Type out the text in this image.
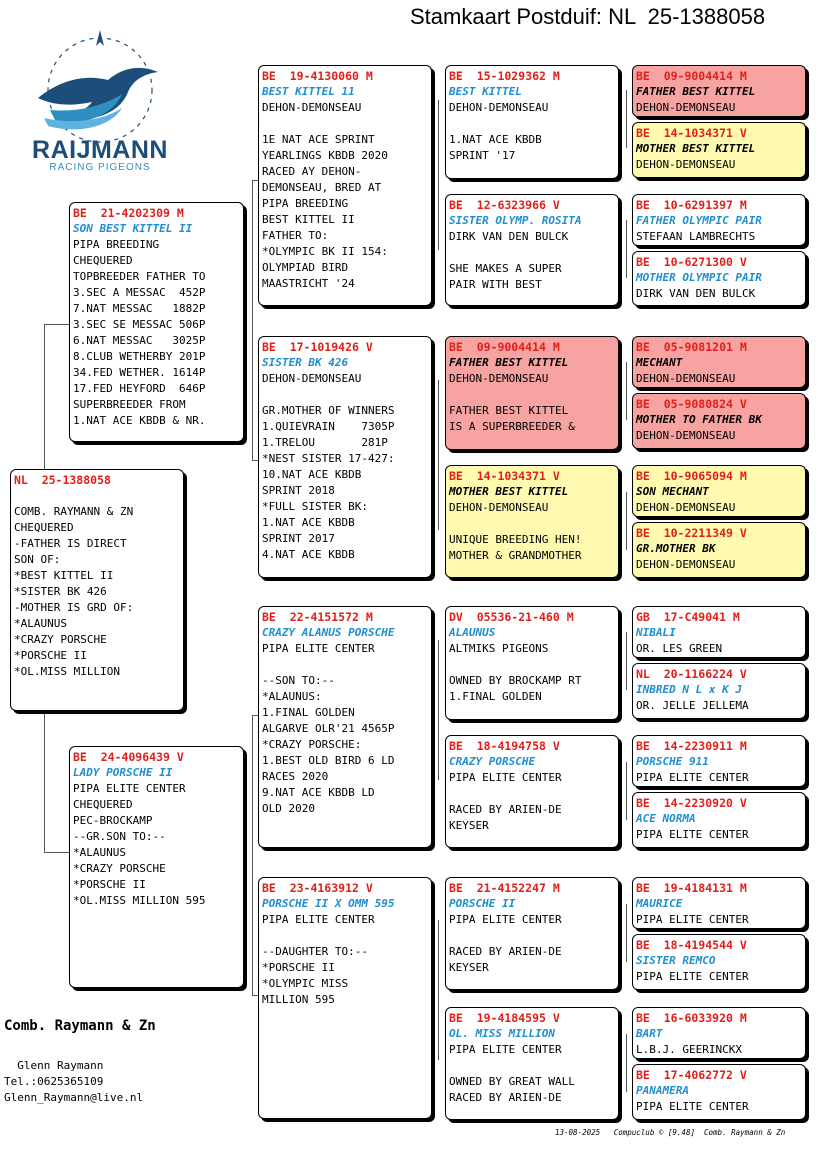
Stamkaart Postduif: NL  25-1388058
RAIJMANN
RACING PIGEONS
NL  25-1388058
COMB. RAYMANN & ZN
CHEQUERED
-FATHER IS DIRECT
SON OF:
*BEST KITTEL II
*SISTER BK 426
-MOTHER IS GRD OF:
*ALAUNUS
*CRAZY PORSCHE
*PORSCHE II
*OL.MISS MILLION
BE  21-4202309 M
SON BEST KITTEL II
PIPA BREEDING
CHEQUERED
TOPBREEDER FATHER TO
3.SEC A MESSAC  452P
7.NAT MESSAC   1882P
3.SEC SE MESSAC 506P
6.NAT MESSAC   3025P
8.CLUB WETHERBY 201P
34.FED WETHER. 1614P
17.FED HEYFORD  646P
SUPERBREEDER FROM
1.NAT ACE KBDB & NR.
BE  24-4096439 V
LADY PORSCHE II
PIPA ELITE CENTER
CHEQUERED
PEC-BROCKAMP
--GR.SON TO:--
*ALAUNUS
*CRAZY PORSCHE
*PORSCHE II
*OL.MISS MILLION 595
BE  19-4130060 M
BEST KITTEL 11
DEHON-DEMONSEAU
1E NAT ACE SPRINT
YEARLINGS KBDB 2020
RACED AY DEHON-
DEMONSEAU, BRED AT
PIPA BREEDING
BEST KITTEL II
FATHER TO:
*OLYMPIC BK II 154:
OLYMPIAD BIRD
MAASTRICHT '24
BE  17-1019426 V
SISTER BK 426
DEHON-DEMONSEAU
GR.MOTHER OF WINNERS
1.QUIEVRAIN    7305P
1.TRELOU       281P
*NEST SISTER 17-427:
10.NAT ACE KBDB
SPRINT 2018
*FULL SISTER BK:
1.NAT ACE KBDB
SPRINT 2017
4.NAT ACE KBDB
BE  22-4151572 M
CRAZY ALANUS PORSCHE
PIPA ELITE CENTER
--SON TO:--
*ALAUNUS:
1.FINAL GOLDEN
ALGARVE OLR'21 4565P
*CRAZY PORSCHE:
1.BEST OLD BIRD 6 LD
RACES 2020
9.NAT ACE KBDB LD
OLD 2020
BE  23-4163912 V
PORSCHE II X OMM 595
PIPA ELITE CENTER
--DAUGHTER TO:--
*PORSCHE II
*OLYMPIC MISS
MILLION 595
BE  15-1029362 M
BEST KITTEL
DEHON-DEMONSEAU
1.NAT ACE KBDB
SPRINT '17
BE  12-6323966 V
SISTER OLYMP. ROSITA
DIRK VAN DEN BULCK
SHE MAKES A SUPER
PAIR WITH BEST
BE  09-9004414 M
FATHER BEST KITTEL
DEHON-DEMONSEAU
FATHER BEST KITTEL
IS A SUPERBREEDER &
BE  14-1034371 V
MOTHER BEST KITTEL
DEHON-DEMONSEAU
UNIQUE BREEDING HEN!
MOTHER & GRANDMOTHER
DV  05536-21-460 M
ALAUNUS
ALTMIKS PIGEONS
OWNED BY BROCKAMP RT
1.FINAL GOLDEN
BE  18-4194758 V
CRAZY PORSCHE
PIPA ELITE CENTER
RACED BY ARIEN-DE
KEYSER
BE  21-4152247 M
PORSCHE II
PIPA ELITE CENTER
RACED BY ARIEN-DE
KEYSER
BE  19-4184595 V
OL. MISS MILLION
PIPA ELITE CENTER
OWNED BY GREAT WALL
RACED BY ARIEN-DE
BE  09-9004414 M
FATHER BEST KITTEL
DEHON-DEMONSEAU
BE  14-1034371 V
MOTHER BEST KITTEL
DEHON-DEMONSEAU
BE  10-6291397 M
FATHER OLYMPIC PAIR
STEFAAN LAMBRECHTS
BE  10-6271300 V
MOTHER OLYMPIC PAIR
DIRK VAN DEN BULCK
BE  05-9081201 M
MECHANT
DEHON-DEMONSEAU
BE  05-9080824 V
MOTHER TO FATHER BK
DEHON-DEMONSEAU
BE  10-9065094 M
SON MECHANT
DEHON-DEMONSEAU
BE  10-2211349 V
GR.MOTHER BK
DEHON-DEMONSEAU
GB  17-C49041 M
NIBALI
OR. LES GREEN
NL  20-1166224 V
INBRED N L x K J
OR. JELLE JELLEMA
BE  14-2230911 M
PORSCHE 911
PIPA ELITE CENTER
BE  14-2230920 V
ACE NORMA
PIPA ELITE CENTER
BE  19-4184131 M
MAURICE
PIPA ELITE CENTER
BE  18-4194544 V
SISTER REMCO
PIPA ELITE CENTER
BE  16-6033920 M
BART
L.B.J. GEERINCKX
BE  17-4062772 V
PANAMERA
PIPA ELITE CENTER
Comb. Raymann & Zn
Glenn Raymann
Tel.:0625365109
Glenn_Raymann@live.nl
13-08-2025   Compuclub © [9.48]  Comb. Raymann & Zn
